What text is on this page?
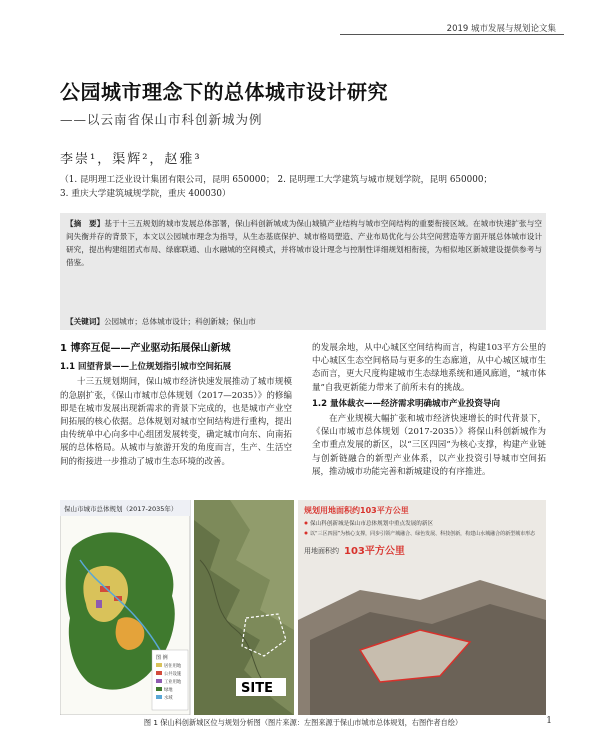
2019 城市发展与规划论文集
公园城市理念下的总体城市设计研究
——以云南省保山市科创新城为例
李崇¹，渠辉²，赵雅³
（1. 昆明理工泛业设计集团有限公司，昆明 650000； 2. 昆明理工大学建筑与城市规划学院，昆明 650000；
3. 重庆大学建筑城规学院，重庆 400030）
【摘　要】基于十三五规划的城市发展总体部署，保山科创新城成为保山城镇产业结构与城市空间结构的重要衔接区域。在城市快速扩张与空间失衡并存的背景下，本文以公园城市理念为指导，从生态基底保护、城市格局塑造、产业布局优化与公共空间营造等方面开展总体城市设计研究，提出构建组团式布局、绿廊联通、山水融城的空间模式，并将城市设计理念与控制性详细规划相衔接，为相似地区新城建设提供参考与借鉴。
【关键词】公园城市；总体城市设计；科创新城；保山市
1 博弈互促——产业驱动拓展保山新城
1.1 回望背景——上位规划指引城市空间拓展

十三五规划期间，保山城市经济快速发展推动了城市规模的急剧扩张，《保山市城市总体规划（2017—2035）》的修编即是在城市发展出现新需求的背景下完成的，也是城市产业空间拓展的核心依据。总体规划对城市空间结构进行重构，提出由传统单中心向多中心组团发展转变，确定城市向东、向南拓展的总体格局。从城市与旅游开发的角度而言，生产、生活空间的衔接进一步推动了城市生态环境的改善。

的发展余地，从中心城区空间结构而言，构建103平方公里的中心城区生态空间格局与更多的生态廊道，从中心城区城市生态而言，更大尺度构建城市生态绿地系统和通风廊道，“城市体量”自我更新能力带来了前所未有的挑战。

1.2 量体裁衣——经济需求明确城市产业投资导向

在产业规模大幅扩张和城市经济快速增长的时代背景下，《保山市城市总体规划（2017-2035）》将保山科创新城作为全市重点发展的新区，以“三区四园”为核心支撑，构建产业链与创新链融合的新型产业体系，以产业投资引导城市空间拓展，推动城市功能完善和新城建设的有序推进。

保山市城市总体规划（2017-2035年）
图 例
居住用地
公共设施
工业用地
绿地
水域
SITE
规划用地面积约103平方公里
保山科创新城是保山市总体规划中重点发展的新区
以“三区四园”为核心支撑，同步引领产城融合、绿色发展、科技创新，构建山水城融合的新型城市形态
用地面积约 103平方公里
图 1 保山科创新城区位与规划分析图（图片来源：左图来源于保山市城市总体规划，右图作者自绘）	1
